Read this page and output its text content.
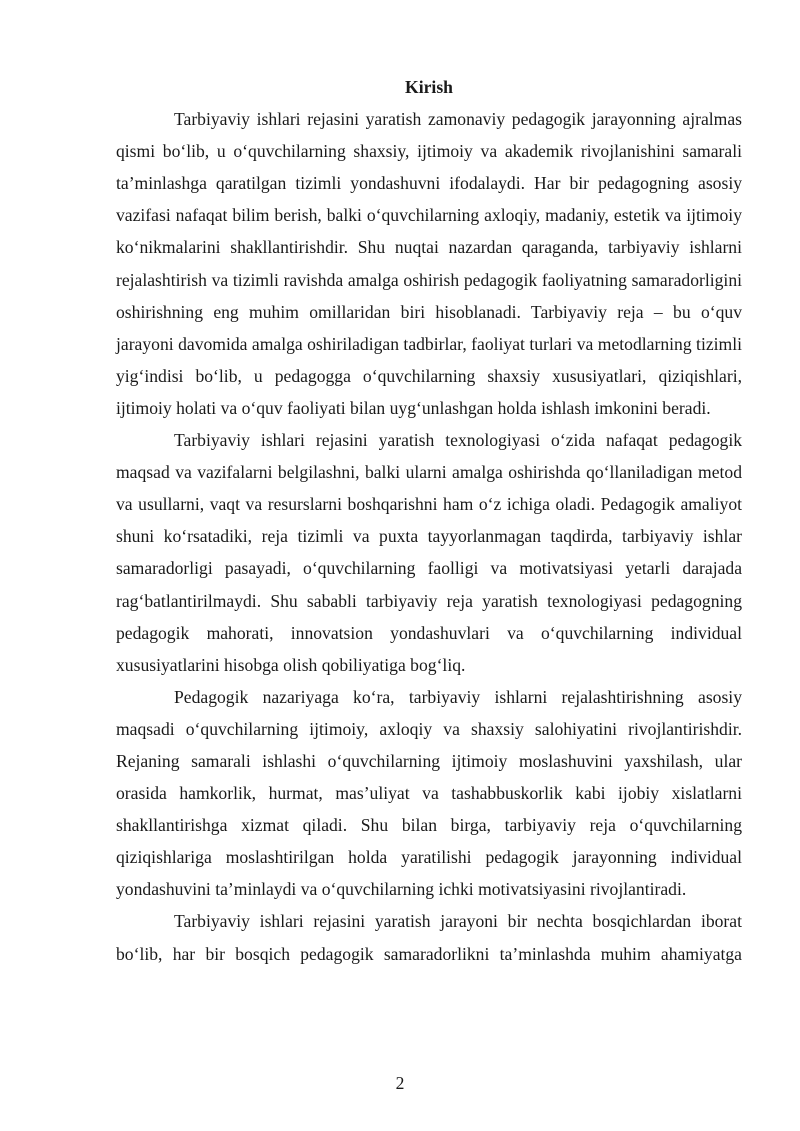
Kirish

Tarbiyaviy ishlari rejasini yaratish zamonaviy pedagogik jarayonning ajralmas qismi bo‘lib, u o‘quvchilarning shaxsiy, ijtimoiy va akademik rivojlanishini samarali ta’minlashga qaratilgan tizimli yondashuvni ifodalaydi. Har bir pedagogning asosiy vazifasi nafaqat bilim berish, balki o‘quvchilarning axloqiy, madaniy, estetik va ijtimoiy ko‘nikmalarini shakllantirishdir. Shu nuqtai nazardan qaraganda, tarbiyaviy ishlarni rejalashtirish va tizimli ravishda amalga oshirish pedagogik faoliyatning samaradorligini oshirishning eng muhim omillaridan biri hisoblanadi. Tarbiyaviy reja – bu o‘quv jarayoni davomida amalga oshiriladigan tadbirlar, faoliyat turlari va metodlarning tizimli yig‘indisi bo‘lib, u pedagogga o‘quvchilarning shaxsiy xususiyatlari, qiziqishlari, ijtimoiy holati va o‘quv faoliyati bilan uyg‘unlashgan holda ishlash imkonini beradi.

Tarbiyaviy ishlari rejasini yaratish texnologiyasi o‘zida nafaqat pedagogik maqsad va vazifalarni belgilashni, balki ularni amalga oshirishda qo‘llaniladigan metod va usullarni, vaqt va resurslarni boshqarishni ham o‘z ichiga oladi. Pedagogik amaliyot shuni ko‘rsatadiki, reja tizimli va puxta tayyorlanmagan taqdirda, tarbiyaviy ishlar samaradorligi pasayadi, o‘quvchilarning faolligi va motivatsiyasi yetarli darajada rag‘batlantirilmaydi. Shu sababli tarbiyaviy reja yaratish texnologiyasi pedagogning pedagogik mahorati, innovatsion yondashuvlari va o‘quvchilarning individual xususiyatlarini hisobga olish qobiliyatiga bog‘liq.

Pedagogik nazariyaga ko‘ra, tarbiyaviy ishlarni rejalashtirishning asosiy maqsadi o‘quvchilarning ijtimoiy, axloqiy va shaxsiy salohiyatini rivojlantirishdir. Rejaning samarali ishlashi o‘quvchilarning ijtimoiy moslashuvini yaxshilash, ular orasida hamkorlik, hurmat, mas’uliyat va tashabbuskorlik kabi ijobiy xislatlarni shakllantirishga xizmat qiladi. Shu bilan birga, tarbiyaviy reja o‘quvchilarning qiziqishlariga moslashtirilgan holda yaratilishi pedagogik jarayonning individual yondashuvini ta’minlaydi va o‘quvchilarning ichki motivatsiyasini rivojlantiradi.

Tarbiyaviy ishlari rejasini yaratish jarayoni bir nechta bosqichlardan iborat bo‘lib, har bir bosqich pedagogik samaradorlikni ta’minlashda muhim ahamiyatga

2
